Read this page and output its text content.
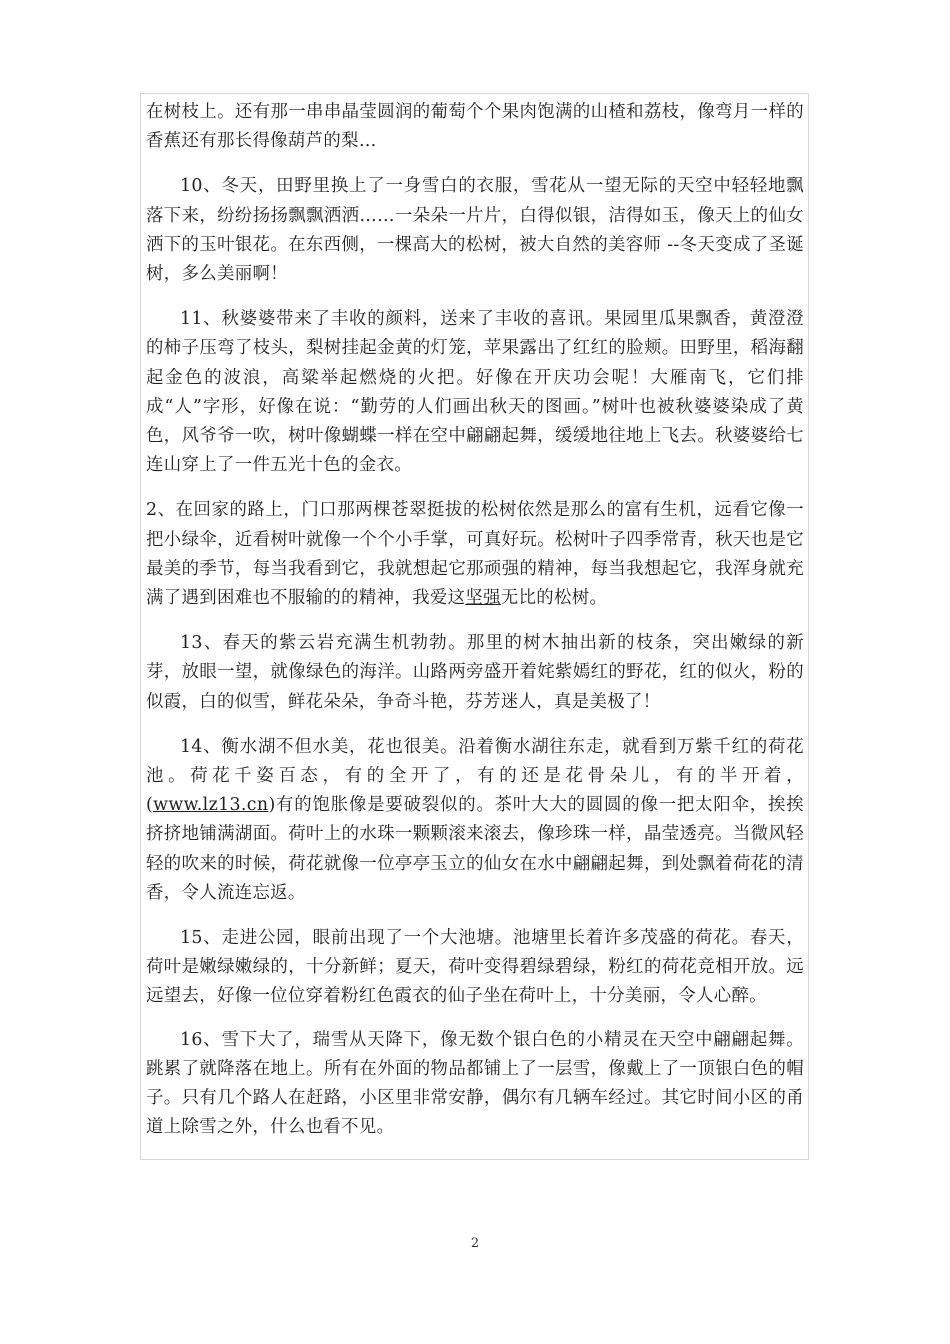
在树枝上。还有那一串串晶莹圆润的葡萄个个果肉饱满的山楂和荔枝，像弯月一样的香蕉还有那长得像葫芦的梨…

10、冬天，田野里换上了一身雪白的衣服，雪花从一望无际的天空中轻轻地飘落下来，纷纷扬扬飘飘洒洒……一朵朵一片片，白得似银，洁得如玉，像天上的仙女洒下的玉叶银花。在东西侧，一棵高大的松树，被大自然的美容师 --冬天变成了圣诞树，多么美丽啊！

11、秋婆婆带来了丰收的颜料，送来了丰收的喜讯。果园里瓜果飘香，黄澄澄的柿子压弯了枝头，梨树挂起金黄的灯笼，苹果露出了红红的脸颊。田野里，稻海翻起金色的波浪，高粱举起燃烧的火把。好像在开庆功会呢！大雁南飞，它们排成“人”字形，好像在说：“勤劳的人们画出秋天的图画。”树叶也被秋婆婆染成了黄色，风爷爷一吹，树叶像蝴蝶一样在空中翩翩起舞，缓缓地往地上飞去。秋婆婆给七连山穿上了一件五光十色的金衣。

2、在回家的路上，门口那两棵苍翠挺拔的松树依然是那么的富有生机，远看它像一把小绿伞，近看树叶就像一个个小手掌，可真好玩。松树叶子四季常青，秋天也是它最美的季节，每当我看到它，我就想起它那顽强的精神，每当我想起它，我浑身就充满了遇到困难也不服输的的精神，我爱这坚强无比的松树。

13、春天的紫云岩充满生机勃勃。那里的树木抽出新的枝条，突出嫩绿的新芽，放眼一望，就像绿色的海洋。山路两旁盛开着姹紫嫣红的野花，红的似火，粉的似霞，白的似雪，鲜花朵朵，争奇斗艳，芬芳迷人，真是美极了！

14、衡水湖不但水美，花也很美。沿着衡水湖往东走，就看到万紫千红的荷花池。荷花千姿百态，有的全开了，有的还是花骨朵儿，有的半开着，(www.lz13.cn)有的饱胀像是要破裂似的。茶叶大大的圆圆的像一把太阳伞，挨挨挤挤地铺满湖面。荷叶上的水珠一颗颗滚来滚去，像珍珠一样，晶莹透亮。当微风轻轻的吹来的时候，荷花就像一位亭亭玉立的仙女在水中翩翩起舞，到处飘着荷花的清香，令人流连忘返。

15、走进公园，眼前出现了一个大池塘。池塘里长着许多茂盛的荷花。春天，荷叶是嫩绿嫩绿的，十分新鲜；夏天，荷叶变得碧绿碧绿，粉红的荷花竞相开放。远远望去，好像一位位穿着粉红色霞衣的仙子坐在荷叶上，十分美丽，令人心醉。

16、雪下大了，瑞雪从天降下，像无数个银白色的小精灵在天空中翩翩起舞。跳累了就降落在地上。所有在外面的物品都铺上了一层雪，像戴上了一顶银白色的帽子。只有几个路人在赶路，小区里非常安静，偶尔有几辆车经过。其它时间小区的甬道上除雪之外，什么也看不见。

2
